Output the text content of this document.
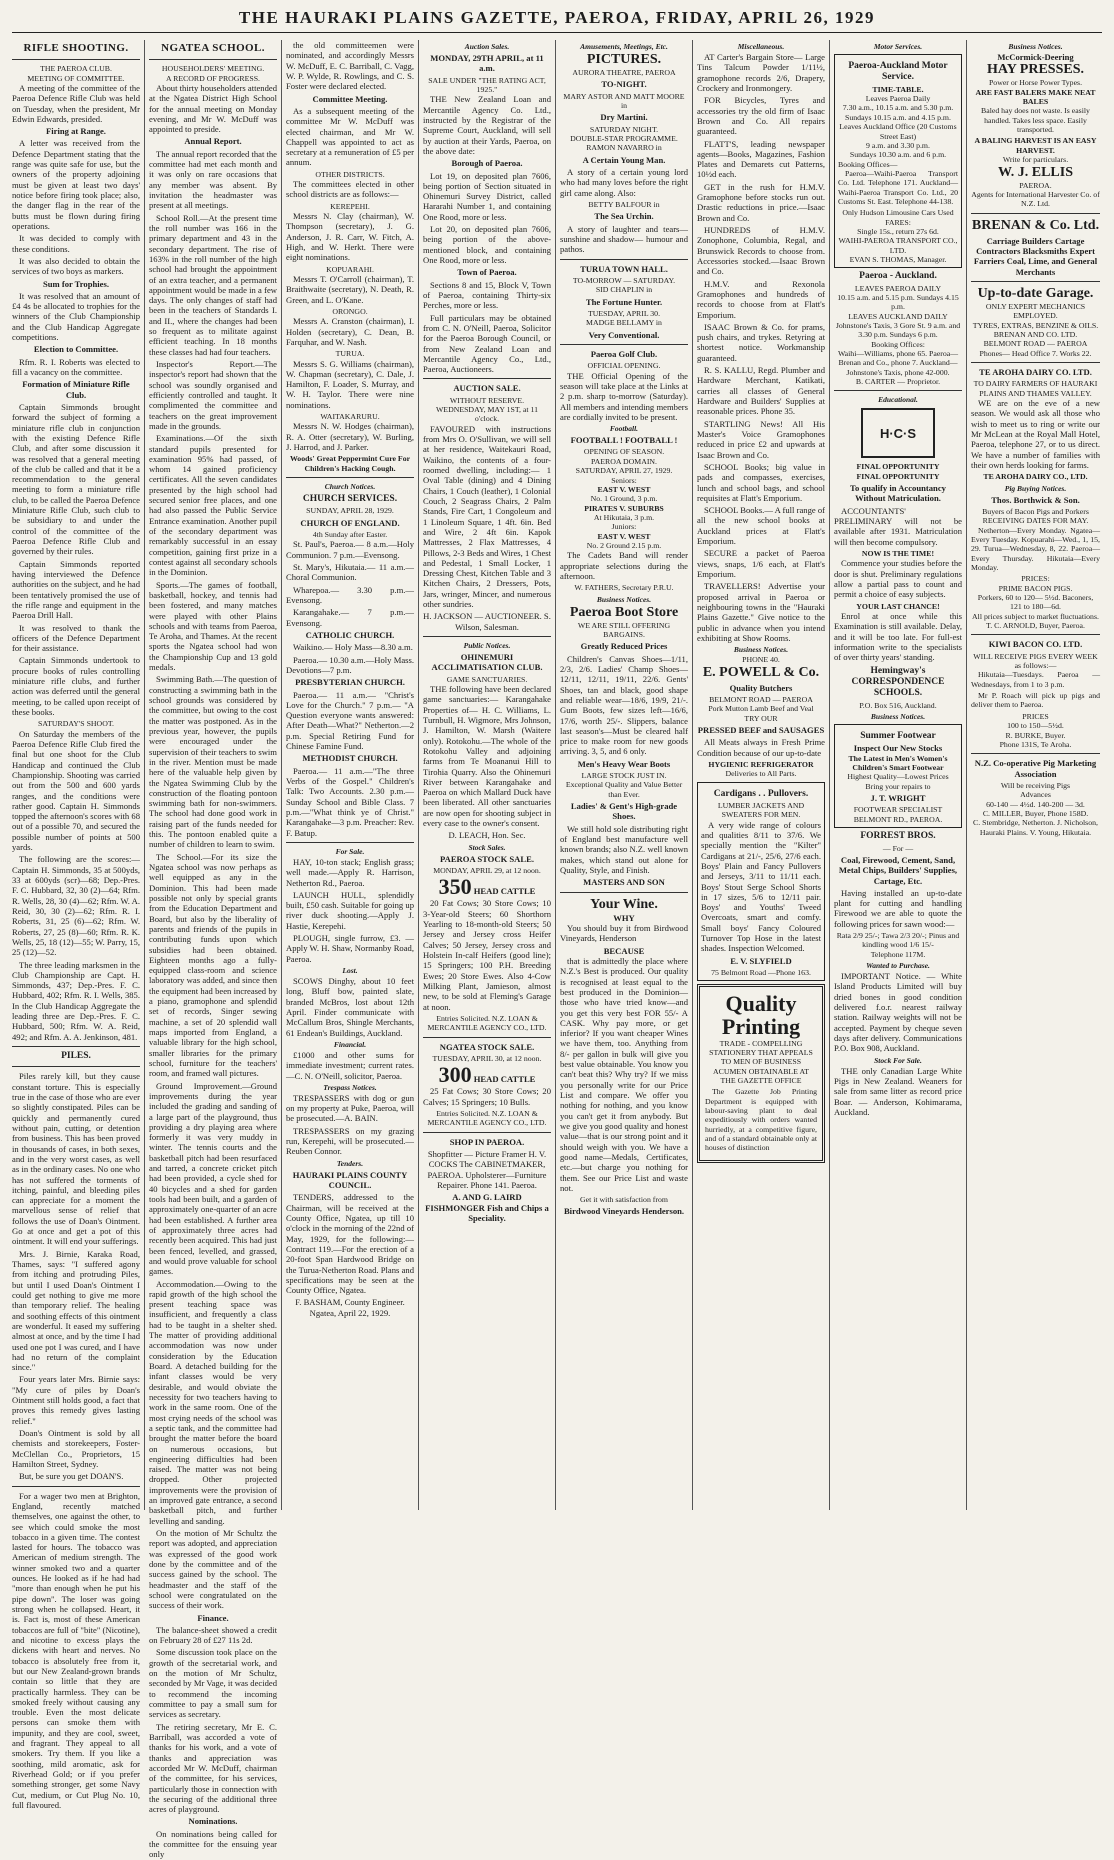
THE HAURAKI PLAINS GAZETTE, PAEROA, FRIDAY, APRIL 26, 1929
RIFLE SHOOTING.
THE PAEROA CLUB.
MEETING OF COMMITTEE.

A meeting of the committee of the Paeroa Defence Rifle Club was held on Tuesday, when the president, Mr Edwin Edwards, presided.

Firing at Range.

A letter was received from the Defence Department stating that the range was quite safe for use, but the owners of the property adjoining must be given at least two days' notice before firing took place; also, the danger flag in the rear of the butts must be flown during firing operations.

It was decided to comply with these conditions.

It was also decided to obtain the services of two boys as markers.

Sum for Trophies.

It was resolved that an amount of £4 4s be allocated to trophies for the winners of the Club Championship and the Club Handicap Aggregate competitions.

Election to Committee.

Rfm. R. I. Roberts was elected to fill a vacancy on the committee.

Formation of Miniature Rifle Club.

Captain Simmonds brought forward the subject of forming a miniature rifle club in conjunction with the existing Defence Rifle Club, and after some discussion it was resolved that a general meeting of the club be called and that it be a recommendation to the general meeting to form a miniature rifle club, to be called the Paeroa Defence Miniature Rifle Club, such club to be subsidiary to and under the control of the committee of the Paeroa Defence Rifle Club and governed by their rules.

Captain Simmonds reported having interviewed the Defence authorities on the subject, and he had been tentatively promised the use of the rifle range and equipment in the Paeroa Drill Hall.

It was resolved to thank the officers of the Defence Department for their assistance.

Captain Simmonds undertook to procure books of rules controlling miniature rifle clubs, and further action was deferred until the general meeting, to be called upon receipt of these books.

SATURDAY'S SHOOT.

On Saturday the members of the Paeroa Defence Rifle Club fired the final but one shoot for the Club Handicap and continued the Club Championship. Shooting was carried out from the 500 and 600 yards ranges, and the conditions were rather good. Captain H. Simmonds topped the afternoon's scores with 68 out of a possible 70, and secured the possible number of points at 500 yards.

The following are the scores:— Captain H. Simmonds, 35 at 500yds, 33 at 600yds (scr)—68; Dep.-Pres. F. C. Hubbard, 32, 30 (2)—64; Rfm. R. Wells, 28, 30 (4)—62; Rfm. W. A. Reid, 30, 30 (2)—62; Rfm. R. I. Roberts, 31, 25 (6)—62; Rfm. W. Roberts, 27, 25 (8)—60; Rfm. R. K. Wells, 25, 18 (12)—55; W. Parry, 15, 25 (12)—52.

The three leading marksmen in the Club Championship are Capt. H. Simmonds, 437; Dep.-Pres. F. C. Hubbard, 402; Rfm. R. I. Wells, 385. In the Club Handicap Aggregate the leading three are Dep.-Pres. F. C. Hubbard, 500; Rfm. W. A. Reid, 492; and Rfm. A. A. Jenkinson, 481.

PILES.

Piles rarely kill, but they cause constant torture. This is especially true in the case of those who are ever so slightly constipated. Piles can be quickly and permanently cured without pain, cutting, or detention from business. This has been proved in thousands of cases, in both sexes, and in the very worst cases, as well as in the ordinary cases. No one who has not suffered the torments of itching, painful, and bleeding piles can appreciate for a moment the marvellous sense of relief that follows the use of Doan's Ointment. Go at once and get a pot of this ointment. It will end your sufferings.

Mrs. J. Birnie, Karaka Road, Thames, says: "I suffered agony from itching and protruding Piles, but until I used Doan's Ointment I could get nothing to give me more than temporary relief. The healing and soothing effects of this ointment are wonderful. It eased my suffering almost at once, and by the time I had used one pot I was cured, and I have had no return of the complaint since."

Four years later Mrs. Birnie says: "My cure of piles by Doan's Ointment still holds good, a fact that proves this remedy gives lasting relief."

Doan's Ointment is sold by all chemists and storekeepers, Foster-McClellan Co., Proprietors, 15 Hamilton Street, Sydney.

But, be sure you get DOAN'S.

For a wager two men at Brighton, England, recently matched themselves, one against the other, to see which could smoke the most tobacco in a given time. The contest lasted for hours. The tobacco was American of medium strength. The winner smoked two and a quarter ounces. He looked as if he had had "more than enough when he put his pipe down". The loser was going strong when he collapsed. Heart, it is. Fact is, most of these American tobaccos are full of "bite" (Nicotine), and nicotine to excess plays the dickens with heart and nerves. No tobacco is absolutely free from it, but our New Zealand-grown brands contain so little that they are practically harmless. They can be smoked freely without causing any trouble. Even the most delicate persons can smoke them with impunity, and they are cool, sweet, and fragrant. They appeal to all smokers. Try them. If you like a soothing, mild aromatic, ask for Riverhead Gold; or if you prefer something stronger, get some Navy Cut, medium, or Cut Plug No. 10, full flavoured.

NGATEA SCHOOL.
HOUSEHOLDERS' MEETING.
A RECORD OF PROGRESS.

About thirty householders attended at the Ngatea District High School for the annual meeting on Monday evening, and Mr W. McDuff was appointed to preside.

Annual Report.

The annual report recorded that the committee had met each month and it was only on rare occasions that any member was absent. By invitation the headmaster was present at all meetings.

School Roll.—At the present time the roll number was 166 in the primary department and 43 in the secondary department. The rise of 163% in the roll number of the high school had brought the appointment of an extra teacher, and a permanent appointment would be made in a few days. The only changes of staff had been in the teachers of Standards I. and II., where the changes had been so frequent as to militate against efficient teaching. In 18 months these classes had had four teachers.

Inspector's Report.—The inspector's report had shown that the school was soundly organised and efficiently controlled and taught. It complimented the committee and teachers on the great improvement made in the grounds.

Examinations.—Of the sixth standard pupils presented for examination 95% had passed, of whom 14 gained proficiency certificates. All the seven candidates presented by the high school had secured senior free places, and one had also passed the Public Service Entrance examination. Another pupil of the secondary department was remarkably successful in an essay competition, gaining first prize in a contest against all secondary schools in the Dominion.

Sports.—The games of football, basketball, hockey, and tennis had been fostered, and many matches were played with other Plains schools and with teams from Paeroa, Te Aroha, and Thames. At the recent sports the Ngatea school had won the Championship Cup and 13 gold medals.

Swimming Bath.—The question of constructing a swimming bath in the school grounds was considered by the committee, but owing to the cost the matter was postponed. As in the previous year, however, the pupils were encouraged under the supervision of their teachers to swim in the river. Mention must be made here of the valuable help given by the Ngatea Swimming Club by the construction of the floating pontoon swimming bath for non-swimmers. The school had done good work in raising part of the funds needed for this. The pontoon enabled quite a number of children to learn to swim.

The School.—For its size the Ngatea school was now perhaps as well equipped as any in the Dominion. This had been made possible not only by special grants from the Education Department and Board, but also by the liberality of parents and friends of the pupils in contributing funds upon which subsidies had been obtained. Eighteen months ago a fully-equipped class-room and science laboratory was added, and since then the equipment had been increased by a piano, gramophone and splendid set of records, Singer sewing machine, a set of 20 splendid wall maps imported from England, a valuable library for the high school, smaller libraries for the primary school, furniture for the teachers' room, and framed wall pictures.

Ground Improvement.—Ground improvements during the year included the grading and sanding of a large part of the playground, thus providing a dry playing area where formerly it was very muddy in winter. The tennis courts and the basketball pitch had been resurfaced and tarred, a concrete cricket pitch had been provided, a cycle shed for 40 bicycles and a shed for garden tools had been built, and a garden of approximately one-quarter of an acre had been established. A further area of approximately three acres had recently been acquired. This had just been fenced, levelled, and grassed, and would prove valuable for school games.

Accommodation.—Owing to the rapid growth of the high school the present teaching space was insufficient, and frequently a class had to be taught in a shelter shed. The matter of providing additional accommodation was now under consideration by the Education Board. A detached building for the infant classes would be very desirable, and would obviate the necessity for two teachers having to work in the same room. One of the most crying needs of the school was a septic tank, and the committee had brought the matter before the board on numerous occasions, but engineering difficulties had been raised. The matter was not being dropped. Other projected improvements were the provision of an improved gate entrance, a second basketball pitch, and further levelling and sanding.

On the motion of Mr Schultz the report was adopted, and appreciation was expressed of the good work done by the committee and of the success gained by the school. The headmaster and the staff of the school were congratulated on the success of their work.

Finance.

The balance-sheet showed a credit on February 28 of £27 11s 2d.

Some discussion took place on the growth of the secretarial work, and on the motion of Mr Schultz, seconded by Mr Vage, it was decided to recommend the incoming committee to pay a small sum for services as secretary.

The retiring secretary, Mr E. C. Barriball, was accorded a vote of thanks for his work, and a vote of thanks and appreciation was accorded Mr W. McDuff, chairman of the committee, for his services, particularly those in connection with the securing of the additional three acres of playground.

Nominations.

On nominations being called for the committee for the ensuing year only

the old committeemen were nominated, and accordingly Messrs W. McDuff, E. C. Barriball, C. Vagg, W. P. Wylde, R. Rowlings, and C. S. Foster were declared elected.

Committee Meeting.

As a subsequent meeting of the committee Mr W. McDuff was elected chairman, and Mr W. Chappell was appointed to act as secretary at a remuneration of £5 per annum.

OTHER DISTRICTS.

The committees elected in other school districts are as follows:—

KEREPEHI.

Messrs N. Clay (chairman), W. Thompson (secretary), J. G. Anderson, J. R. Carr, W. Fitch, A. High, and W. Herkt. There were eight nominations.

KOPUARAHI.

Messrs T. O'Carroll (chairman), T. Braithwaite (secretary), N. Death, R. Green, and L. O'Kane.

ORONGO.

Messrs A. Cranston (chairman), I. Holden (secretary), C. Dean, B. Farquhar, and W. Nash.

TURUA.

Messrs S. G. Williams (chairman), W. Chapman (secretary), C. Dale, J. Hamilton, F. Loader, S. Murray, and W. H. Taylor. There were nine nominations.

WAITAKARURU.

Messrs N. W. Hodges (chairman), R. A. Otter (secretary), W. Burling, J. Harrod, and J. Parker.

Woods' Great Peppermint Cure For Children's Hacking Cough.
Church Notices.
CHURCH SERVICES.
SUNDAY, APRIL 28, 1929.
CHURCH OF ENGLAND.
4th Sunday after Easter.

St. Paul's, Paeroa.— 8 a.m.—Holy Communion. 7 p.m.—Evensong.

St. Mary's, Hikutaia.— 11 a.m.—Choral Communion.

Wharepoa.— 3.30 p.m.—Evensong.

Karangahake.— 7 p.m.—Evensong.

CATHOLIC CHURCH.

Waikino.— Holy Mass—8.30 a.m.

Paeroa.— 10.30 a.m.—Holy Mass. Devotions—7 p.m.

PRESBYTERIAN CHURCH.

Paeroa.— 11 a.m.— "Christ's Love for the Church." 7 p.m.— "A Question everyone wants answered: After Death—What?" Netherton.—2 p.m. Special Retiring Fund for Chinese Famine Fund.

METHODIST CHURCH.

Paeroa.— 11 a.m.—"The three Verbs of the Gospel." Children's Talk: Two Accounts. 2.30 p.m.—Sunday School and Bible Class. 7 p.m.—"What think ye of Christ." Karangahake—3 p.m. Preacher: Rev. F. Batup.

For Sale.

HAY, 10-ton stack; English grass; well made.—Apply R. Harrison, Netherton Rd., Paeroa.

LAUNCH HULL, splendidly built, £50 cash. Suitable for going up river duck shooting.—Apply J. Hastie, Kerepehi.

PLOUGH, single furrow, £3. —Apply W. H. Shaw, Normanby Road, Paeroa.

Lost.

SCOWS Dinghy, about 10 feet long, Bluff bow, painted slate, branded McBros, lost about 12th April. Finder communicate with McCallum Bros, Shingle Merchants, 61 Endean's Buildings, Auckland.

Financial.

£1000 and other sums for immediate investment; current rates.—C. N. O'Neill, solicitor, Paeroa.

Trespass Notices.

TRESPASSERS with dog or gun on my property at Puke, Paeroa, will be prosecuted.—A. BAIN.

TRESPASSERS on my grazing run, Kerepehi, will be prosecuted.—Reuben Connor.

Tenders.
HAURAKI PLAINS COUNTY COUNCIL.

TENDERS, addressed to the Chairman, will be received at the County Office, Ngatea, up till 10 o'clock in the morning of the 22nd of May, 1929, for the following:— Contract 119.—For the erection of a 20-foot Span Hardwood Bridge on the Turua-Netherton Road. Plans and specifications may be seen at the County Office, Ngatea.

F. BASHAM, County Engineer. Ngatea, April 22, 1929.

Auction Sales.
MONDAY, 29TH APRIL, at 11 a.m.
SALE UNDER "THE RATING ACT, 1925."

THE New Zealand Loan and Mercantile Agency Co. Ltd., instructed by the Registrar of the Supreme Court, Auckland, will sell by auction at their Yards, Paeroa, on the above date:

Borough of Paeroa.

Lot 19, on deposited plan 7606, being portion of Section situated in Ohinemuri Survey District, called Hararahi Number 1, and containing One Rood, more or less.

Lot 20, on deposited plan 7606, being portion of the above-mentioned block, and containing One Rood, more or less.

Town of Paeroa.

Sections 8 and 15, Block V, Town of Paeroa, containing Thirty-six Perches, more or less.

Full particulars may be obtained from C. N. O'Neill, Paeroa, Solicitor for the Paeroa Borough Council, or from New Zealand Loan and Mercantile Agency Co., Ltd., Paeroa, Auctioneers.

AUCTION SALE.
WITHOUT RESERVE.
WEDNESDAY, MAY 1ST, at 11 o'clock.

FAVOURED with instructions from Mrs O. O'Sullivan, we will sell at her residence, Waitekauri Road, Waikino, the contents of a four-roomed dwelling, including:— 1 Oval Table (dining) and 4 Dining Chairs, 1 Couch (leather), 1 Colonial Couch, 2 Seagrass Chairs, 2 Palm Stands, Fire Cart, 1 Congoleum and 1 Linoleum Square, 1 4ft. 6in. Bed and Wire, 2 4ft 6in. Kapok Mattresses, 2 Flax Mattresses, 4 Pillows, 2-3 Beds and Wires, 1 Chest and Pedestal, 1 Small Locker, 1 Dressing Chest, Kitchen Table and 3 Kitchen Chairs, 2 Dressers, Pots, Jars, wringer, Mincer, and numerous other sundries.

H. JACKSON — AUCTIONEER. S. Wilson, Salesman.

Public Notices.
OHINEMURI ACCLIMATISATION CLUB.
GAME SANCTUARIES.

THE following have been declared game sanctuaries:— Karangahake Properties of— H. C. Williams, L. Turnbull, H. Wigmore, Mrs Johnson, J. Hamilton, W. Marsh (Waitere only). Rotokohu.—The whole of the Rotokohu Valley and adjoining farms from Te Moananui Hill to Tirohia Quarry. Also the Ohinemuri River between Karangahake and Paeroa on which Mallard Duck have been liberated. All other sanctuaries are now open for shooting subject in every case to the owner's consent.

D. LEACH, Hon. Sec.

Stock Sales.
PAEROA STOCK SALE.
MONDAY, APRIL 29, at 12 noon.
350 HEAD CATTLE

20 Fat Cows; 30 Store Cows; 10 3-Year-old Steers; 60 Shorthorn Yearling to 18-month-old Steers; 50 Jersey and Jersey cross Heifer Calves; 50 Jersey, Jersey cross and Holstein In-calf Heifers (good line); 15 Springers; 100 P.H. Breeding Ewes; 20 Store Ewes. Also 4-Cow Milking Plant, Jamieson, almost new, to be sold at Fleming's Garage at noon.

Entries Solicited. N.Z. LOAN & MERCANTILE AGENCY CO., LTD.

NGATEA STOCK SALE.
TUESDAY, APRIL 30, at 12 noon.
300 HEAD CATTLE

25 Fat Cows; 30 Store Cows; 20 Calves; 15 Springers; 10 Bulls.

Entries Solicited. N.Z. LOAN & MERCANTILE AGENCY CO., LTD.

SHOP IN PAEROA.

Shopfitter — Picture Framer H. V. COCKS The CABINETMAKER, PAEROA. Upholsterer—Furniture Repairer. Phone 141. Paeroa.

A. AND G. LAIRD FISHMONGER Fish and Chips a Speciality.

Amusements, Meetings, Etc.
PICTURES.
AURORA THEATRE, PAEROA
TO-NIGHT.
MARY ASTOR AND MATT MOORE in
Dry Martini.
SATURDAY NIGHT.
DOUBLE-STAR PROGRAMME.
RAMON NAVARRO in
A Certain Young Man.

A story of a certain young lord who had many loves before the right girl came along. Also:

BETTY BALFOUR in
The Sea Urchin.

A story of laughter and tears—sunshine and shadow— humour and pathos.

TURUA TOWN HALL.
TO-MORROW — SATURDAY.
SID CHAPLIN in
The Fortune Hunter.
TUESDAY, APRIL 30.
MADGE BELLAMY in
Very Conventional.
Paeroa Golf Club.
OFFICIAL OPENING.

THE Official Opening of the season will take place at the Links at 2 p.m. sharp to-morrow (Saturday). All members and intending members are cordially invited to be present.

Football.
FOOTBALL ! FOOTBALL !
OPENING OF SEASON.
PAEROA DOMAIN.
SATURDAY, APRIL 27, 1929.
Seniors:
EAST V. WEST
No. 1 Ground, 3 p.m.
PIRATES V. SUBURBS
At Hikutaia, 3 p.m.
Juniors:
EAST V. WEST
No. 2 Ground 2.15 p.m.

The Cadets Band will render appropriate selections during the afternoon.

W. FATHERS, Secretary P.R.U.

Business Notices.
Paeroa Boot Store
WE ARE STILL OFFERING BARGAINS.
Greatly Reduced Prices

Children's Canvas Shoes—1/11, 2/3, 2/6. Ladies' Champ Shoes—12/11, 12/11, 19/11, 22/6. Gents' Shoes, tan and black, good shape and reliable wear—18/6, 19/9, 21/-. Gum Boots, few sizes left—16/6, 17/6, worth 25/-. Slippers, balance last season's—Must be cleared half price to make room for new goods arriving. 3, 5, and 6 only.

Men's Heavy Wear Boots
LARGE STOCK JUST IN.
Exceptional Quality and Value Better than Ever.
Ladies' & Gent's High-grade Shoes.

We still hold sole distributing right of England best manufacture well known brands; also N.Z. well known makes, which stand out alone for Quality, Style, and Finish.

MASTERS AND SON
Your Wine.
WHY

You should buy it from Birdwood Vineyards, Henderson

BECAUSE

that is admittedly the place where N.Z.'s Best is produced. Our quality is recognised at least equal to the best produced in the Dominion—those who have tried know—and you get this very best FOR 55/- A CASK. Why pay more, or get inferior? If you want cheaper Wines we have them, too. Anything from 8/- per gallon in bulk will give you best value obtainable. You know you can't beat this? Why try? If we miss you personally write for our Price List and compare. We offer you nothing for nothing, and you know you can't get it from anybody. But we give you good quality and honest value—that is our strong point and it should weigh with you. We have a good name—Medals, Certificates, etc.—but charge you nothing for them. See our Price List and waste not.

Get it with satisfaction from
Birdwood Vineyards Henderson.
Miscellaneous.

AT Carter's Bargain Store— Large Tins Talcum Powder 1/11½, gramophone records 2/6, Drapery, Crockery and Ironmongery.

FOR Bicycles, Tyres and accessories try the old firm of Isaac Brown and Co. All repairs guaranteed.

FLATT'S, leading newspaper agents—Books, Magazines, Fashion Plates and Demarets cut Patterns, 10½d each.

GET in the rush for H.M.V. Gramophone before stocks run out. Drastic reductions in price.—Isaac Brown and Co.

HUNDREDS of H.M.V. Zonophone, Columbia, Regal, and Brunswick Records to choose from. Accessories stocked.—Isaac Brown and Co.

H.M.V. and Rexonola Gramophones and hundreds of records to choose from at Flatt's Emporium.

ISAAC Brown & Co. for prams, push chairs, and trykes. Retyring at shortest notice. Workmanship guaranteed.

R. S. KALLU, Regd. Plumber and Hardware Merchant, Katikati, carries all classes of General Hardware and Builders' Supplies at reasonable prices. Phone 35.

STARTLING News! All His Master's Voice Gramophones reduced in price £2 and upwards at Isaac Brown and Co.

SCHOOL Books; big value in pads and compasses, exercises, lunch and school bags, and school requisites at Flatt's Emporium.

SCHOOL Books.— A full range of all the new school books at Auckland prices at Flatt's Emporium.

SECURE a packet of Paeroa views, snaps, 1/6 each, at Flatt's Emporium.

TRAVELLERS! Advertise your proposed arrival in Paeroa or neighbouring towns in the "Hauraki Plains Gazette." Give notice to the public in advance when you intend exhibiting at Show Rooms.

Business Notices.
PHONE 40.
E. POWELL & Co.
Quality Butchers
BELMONT ROAD — PAEROA
Pork Mutton Lamb Beef and Veal
TRY OUR
PRESSED BEEF and SAUSAGES

All Meats always in Fresh Prime Condition because of our up-to-date

HYGIENIC REFRIGERATOR
Deliveries to All Parts.
Cardigans . . Pullovers.
LUMBER JACKETS AND SWEATERS FOR MEN.

A very wide range of colours and qualities 8/11 to 37/6. We specially mention the "Kilter" Cardigans at 21/-, 25/6, 27/6 each. Boys' Plain and Fancy Pullovers and Jerseys, 3/11 to 11/11 each. Boys' Stout Serge School Shorts in 17 sizes, 5/6 to 12/11 pair. Boys' and Youths' Tweed Overcoats, smart and comfy. Small boys' Fancy Coloured Turnover Top Hose in the latest shades. Inspection Welcomed.

E. V. SLYFIELD
75 Belmont Road —Phone 163.
Quality Printing

TRADE - COMPELLING STATIONERY THAT APPEALS TO MEN OF BUSINESS ACUMEN OBTAINABLE AT THE GAZETTE OFFICE

The Gazette Job Printing Department is equipped with labour-saving plant to deal expeditiously with orders wanted hurriedly, at a competitive figure, and of a standard obtainable only at houses of distinction

Motor Services.
Paeroa-Auckland Motor Service.
TIME-TABLE.
Leaves Paeroa Daily
7.30 a.m., 10.15 a.m. and 5.30 p.m.
Sundays 10.15 a.m. and 4.15 p.m.
Leaves Auckland Office (20 Customs Street East)
9 a.m. and 3.30 p.m.
Sundays 10.30 a.m. and 6 p.m.
Booking Offices—

Paeroa—Waihi-Paeroa Transport Co. Ltd. Telephone 171. Auckland—Waihi-Paeroa Transport Co. Ltd., 20 Customs St. East. Telephone 44-138.

Only Hudson Limousine Cars Used
FARES:
Single 15s., return 27s 6d.
WAIHI-PAEROA TRANSPORT CO., LTD.
EVAN S. THOMAS, Manager.
Paeroa - Auckland.
LEAVES PAEROA DAILY
10.15 a.m. and 5.15 p.m. Sundays 4.15 p.m.
LEAVES AUCKLAND DAILY
Johnstone's Taxis, 3 Gore St. 9 a.m. and 3.30 p.m. Sundays 6 p.m.
Booking Offices:
Waihi—Williams, phone 65. Paeroa—Brenan and Co., phone 7. Auckland—Johnstone's Taxis, phone 42-000.
B. CARTER — Proprietor.
Educational.
H·C·S
FINAL OPPORTUNITY
FINAL OPPORTUNITY
To qualify in Accountancy Without Matriculation.

ACCOUNTANTS' PRELIMINARY will not be available after 1931. Matriculation will then become compulsory.

NOW IS THE TIME!

Commence your studies before the door is shut. Preliminary regulations allow a partial pass to count and permit a choice of easy subjects.

YOUR LAST CHANCE!

Enrol at once while this Examination is still available. Delay, and it will be too late. For full-est information write to the specialists of over thirty years' standing.

Hemingway's CORRESPONDENCE SCHOOLS.
P.O. Box 516, Auckland.
Business Notices.
Summer Footwear
Inspect Our New Stocks
The Latest in Men's Women's Children's Smart Footwear
Highest Quality—Lowest Prices
Bring your repairs to
J. T. WRIGHT
FOOTWEAR SPECIALIST BELMONT RD., PAEROA.
FORREST BROS.
— For —
Coal, Firewood, Cement, Sand, Metal Chips, Builders' Supplies, Cartage, Etc.

Having installed an up-to-date plant for cutting and handling Firewood we are able to quote the following prices for sawn wood:—

Rata 2/9 25/-; Tawa 2/3 20/-; Pinus and kindling wood 1/6 15/-
Telephone 117M.
Wanted to Purchase.

IMPORTANT Notice. — White Island Products Limited will buy dried bones in good condition delivered f.o.r. nearest railway station. Railway weights will not be accepted. Payment by cheque seven days after delivery. Communications P.O. Box 908, Auckland.

Stock For Sale.

THE only Canadian Large White Pigs in New Zealand. Weaners for sale from same litter as record price Boar. — Anderson, Kohimarama, Auckland.

Business Notices.
McCormick-Deering
HAY PRESSES.
Power or Horse Power Types.
ARE FAST BALERS MAKE NEAT BALES

Baled hay does not waste. Is easily handled. Takes less space. Easily transported.

A BALING HARVEST IS AN EASY HARVEST.
Write for particulars.
W. J. ELLIS
PAEROA.
Agents for International Harvester Co. of N.Z. Ltd.
BRENAN & Co. Ltd.
Carriage Builders Cartage Contractors Blacksmiths Expert Farriers Coal, Lime, and General Merchants
Up-to-date Garage.
ONLY EXPERT MECHANICS EMPLOYED.
TYRES, EXTRAS, BENZINE & OILS.
BRENAN AND CO. LTD.
BELMONT ROAD — PAEROA
Phones— Head Office 7. Works 22.
TE AROHA DAIRY CO. LTD.
TO DAIRY FARMERS OF HAURAKI PLAINS AND THAMES VALLEY.

WE are on the eve of a new season. We would ask all those who wish to meet us to ring or write our Mr McLean at the Royal Mall Hotel, Paeroa, telephone 27, or to us direct. We have a number of families with their own herds looking for farms.

TE AROHA DAIRY CO., LTD.
Pig Buying Notices.
Thos. Borthwick & Son.
Buyers of Bacon Pigs and Porkers
RECEIVING DATES FOR MAY.

Netherton—Every Monday. Ngatea—Every Tuesday. Kopuarahi—Wed., 1, 15, 29. Turua—Wednesday, 8, 22. Paeroa—Every Thursday. Hikutaia—Every Monday.

PRICES:
PRIME BACON PIGS.
Porkers, 60 to 120— 5½d. Baconers, 121 to 180—6d.
All prices subject to market fluctuations.
T. C. ARNOLD, Buyer, Paeroa.
KIWI BACON CO. LTD.
WILL RECEIVE PIGS EVERY WEEK as follows:—

Hikutaia—Tuesdays. Paeroa — Wednesdays, from 1 to 3 p.m.

Mr P. Roach will pick up pigs and deliver them to Paeroa.

PRICES
100 to 150—5½d.
R. BURKE, Buyer.
Phone 131S, Te Aroha.
N.Z. Co-operative Pig Marketing Association
Will be receiving Pigs
Advances
60-140 — 4½d. 140-200 — 3d.
C. MILLER, Buyer, Phone 158D.

C. Stembridge, Netherton. J. Nicholson, Hauraki Plains. V. Young, Hikutaia.
